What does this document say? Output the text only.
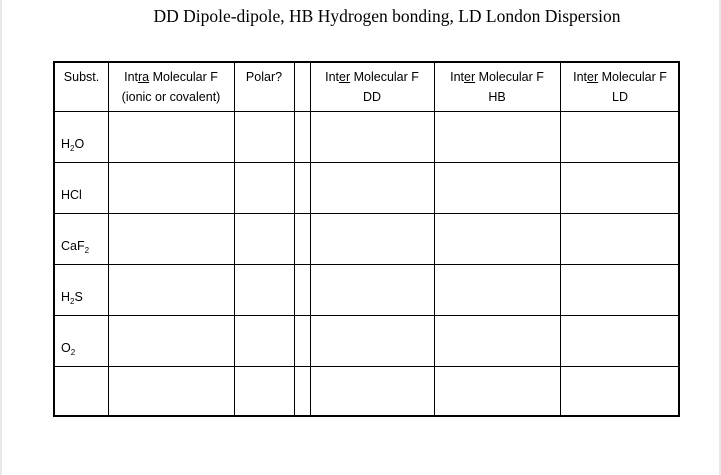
DD Dipole-dipole, HB Hydrogen bonding, LD London Dispersion
Subst.	Intra Molecular F
(ionic or covalent)
Polar?	Inter Molecular F
DD
Inter Molecular F
HB
Inter Molecular F
LD
$H_2O$
HCl
CaF$_2$
$H_2S$
$O_2$
